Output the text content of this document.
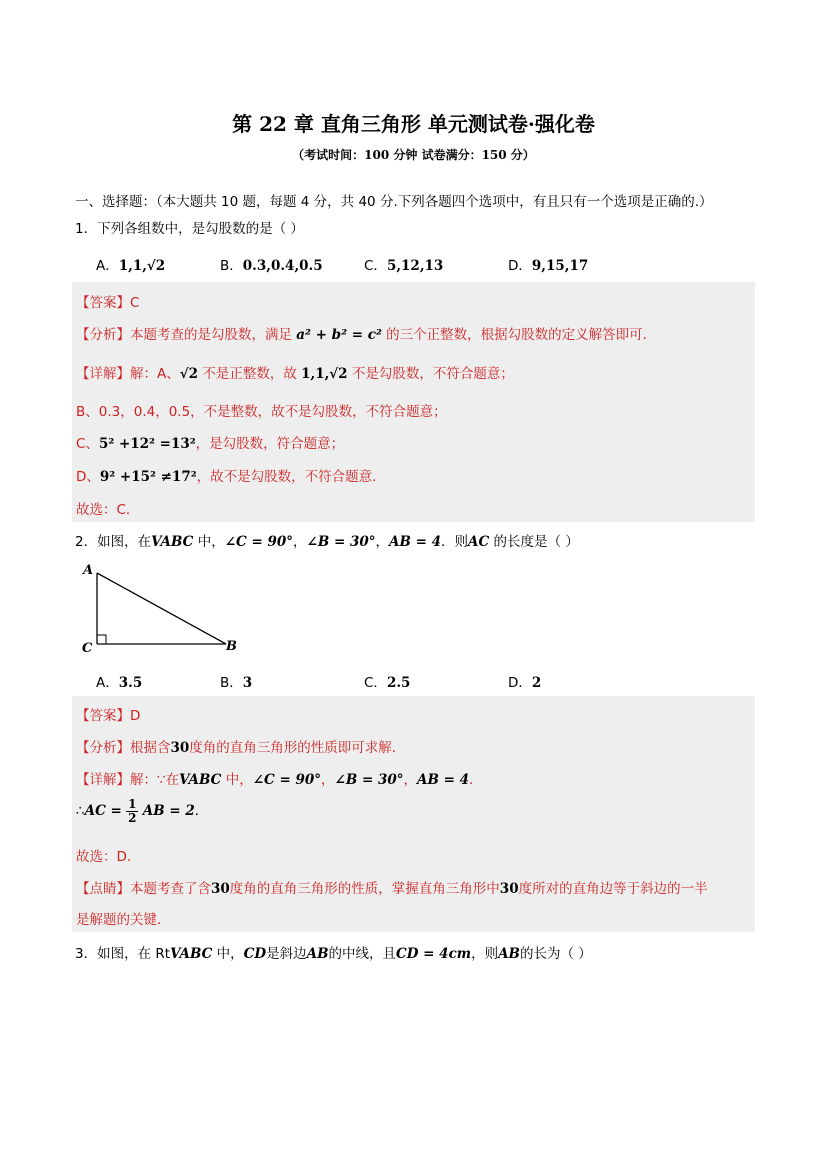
第 22 章 直角三角形 单元测试卷·强化卷
（考试时间：100 分钟 试卷满分：150 分）
一、选择题：（本大题共 10 题，每题 4 分，共 40 分.下列各题四个选项中，有且只有一个选项是正确的.）
1．下列各组数中，是勾股数的是（ ）
A．1,1,√2	B．0.3,0.4,0.5	C．5,12,13	D．9,15,17
【答案】C
【分析】本题考查的是勾股数，满足 a² + b² = c² 的三个正整数，根据勾股数的定义解答即可．
【详解】解：A、√2 不是正整数，故 1,1,√2 不是勾股数，不符合题意；
B、0.3，0.4，0.5，不是整数，故不是勾股数，不符合题意；
C、5² +12² =13²，是勾股数，符合题意；
D、9² +15² ≠17²，故不是勾股数，不符合题意．
故选：C．
2．如图，在VABC 中，∠C = 90°，∠B = 30°，AB = 4．则AC 的长度是（ ）
A
C	B
A．3.5	B．3	C．2.5	D．2
【答案】D
【分析】根据含30度角的直角三角形的性质即可求解．
【详解】解：∵在VABC 中，∠C = 90°，∠B = 30°，AB = 4．
∴AC = $\frac{1}{2}$ AB = 2．
故选：D．
【点睛】本题考查了含30度角的直角三角形的性质，掌握直角三角形中30度所对的直角边等于斜边的一半
是解题的关键．
3．如图，在 RtVABC 中，CD是斜边AB的中线，且CD = 4cm，则AB的长为（ ）
